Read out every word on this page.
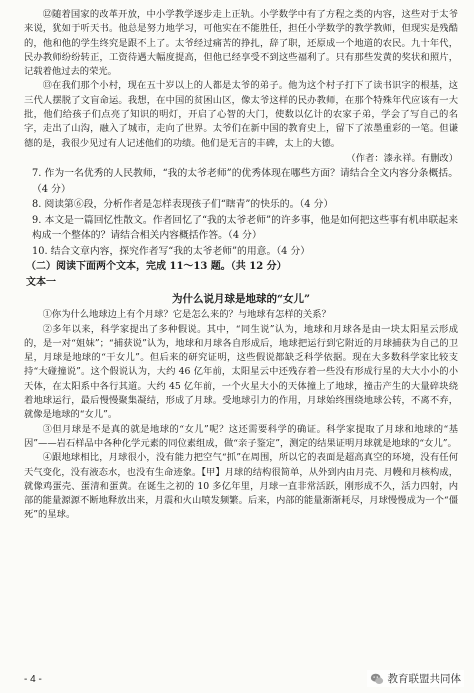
⑫随着国家的改革开放，中小学教学逐步走上正轨。小学数学中有了方程之类的内容，这些对于太爷来说，犹如于听天书。他总是努力地学习，可他实在不能胜任，担任小学数学的教学教师，但现实是残酷的，他和他的学生终究是跟不上了。太爷经过痛苦的挣扎，辞了职，还原成一个地道的农民。九十年代，民办教师纷纷转正，工资待遇大幅度提高，但他已经享受不到这些福利了。只有那些发黄的奖状和照片，记载着他过去的荣光。

⑬在我们那个小村，现在五十岁以上的人都是太爷的弟子。他为这个村子打下了读书识字的根基，这三代人摆脱了文盲命运。我想，在中国的贫困山区，像太爷这样的民办教师，在那个特殊年代应该有一大批，他们给孩子们点亮了知识的明灯，开启了心智的大门，使数以亿计的农家子弟，学会了写自己的名字，走出了山沟，融入了城市，走向了世界。太爷们在新中国的教育史上，留下了浓墨重彩的一笔。但谦德的是，我很少见过有人记述他们的功绩。他们是无言的丰碑，太上的大德。

（作者：漆永祥。有删改）

7. 作为一名优秀的人民教师，“我的太爷老师”的优秀体现在哪些方面？请结合全文内容分条概括。（4 分）

8. 阅读第⑥段，分析作者是怎样表现孩子们“瞎青”的快乐的。（4 分）

9. 本文是一篇回忆性散文。作者回忆了“我的太爷老师”的许多事，他是如何把这些事有机串联起来构成一个整体的？请结合相关内容概括作答。（4 分）

10. 结合文章内容，探究作者写“我的太爷老师”的用意。（4 分）

（二）阅读下面两个文本，完成 11～13 题。（共 12 分）

文本一

为什么说月球是地球的“女儿”

①你为什么地球边上有个月球？它是怎么来的？与地球有怎样的关系？

②多年以来，科学家提出了多种假说。其中，“同生说”认为，地球和月球各是由一块太阳星云形成的，是一对“姐妹”；“捕获说”认为，地球和月球各自形成后，地球把运行到它附近的月球捕获为自己的卫星，月球是地球的“干女儿”。但后来的研究证明，这些假说都缺乏科学依据。现在大多数科学家比较支持“大碰撞说”。这个假说认为，大约 46 亿年前，太阳星云中还残存着一些没有形成行星的大大小小的小天体，在太阳系中各行其道。大约 45 亿年前，一个火星大小的天体撞上了地球，撞击产生的大量碎块绕着地球运行，最后慢慢聚集凝结，形成了月球。受地球引力的作用，月球始终围绕地球公转，不离不弃，就像是地球的“女儿”。

③但月球是不是真的就是地球的“女儿”呢？这还需要科学的确证。科学家提取了月球和地球的“基因”——岩石样品中各种化学元素的同位素组成，做“亲子鉴定”，测定的结果证明月球就是地球的“女儿”。

④跟地球相比，月球很小，没有能力把空气“抓”在周围，所以它的表面是超高真空的环境，没有任何天气变化，没有液态水，也没有生命迹象。【甲】月球的结构很简单，从外到内由月壳、月幔和月核构成，就像鸡蛋壳、蛋清和蛋黄。在诞生之初的 10 多亿年里，月球一直非常活跃，刚形成不久，活力四射，内部的能量源源不断地释放出来，月震和火山喷发频繁。后来，内部的能量渐渐耗尽，月球慢慢成为一个“僵死”的星球。

- 4 -	教育联盟共同体
